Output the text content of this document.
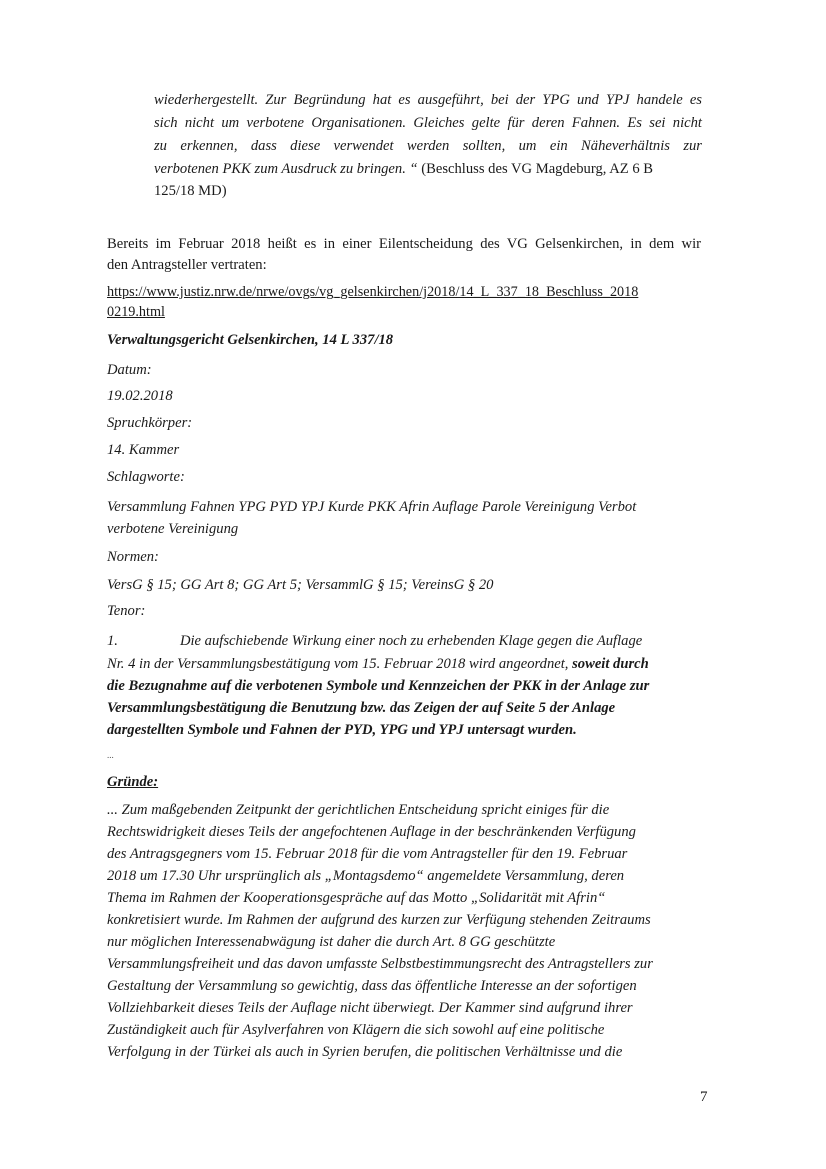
wiederhergestellt. Zur Begründung hat es ausgeführt, bei der YPG und YPJ handele es
sich nicht um verbotene Organisationen. Gleiches gelte für deren Fahnen. Es sei nicht
zu erkennen, dass diese verwendet werden sollten, um ein Näheverhältnis zur
verbotenen PKK zum Ausdruck zu bringen. “ (Beschluss des VG Magdeburg, AZ 6 B
125/18 MD)
Bereits im Februar 2018 heißt es in einer Eilentscheidung des VG Gelsenkirchen, in dem wir
den Antragsteller vertraten:
https://www.justiz.nrw.de/nrwe/ovgs/vg_gelsenkirchen/j2018/14_L_337_18_Beschluss_2018
0219.html
Verwaltungsgericht Gelsenkirchen, 14 L 337/18
Datum:
19.02.2018
Spruchkörper:
14. Kammer
Schlagworte:
Versammlung Fahnen YPG PYD YPJ Kurde PKK Afrin Auflage Parole Vereinigung Verbot
verbotene Vereinigung
Normen:
VersG § 15; GG Art 8; GG Art 5; VersammlG § 15; VereinsG § 20
Tenor:
1.	Die aufschiebende Wirkung einer noch zu erhebenden Klage gegen die Auflage
Nr. 4 in der Versammlungsbestätigung vom 15. Februar 2018 wird angeordnet, soweit durch
die Bezugnahme auf die verbotenen Symbole und Kennzeichen der PKK in der Anlage zur
Versammlungsbestätigung die Benutzung bzw. das Zeigen der auf Seite 5 der Anlage
dargestellten Symbole und Fahnen der PYD, YPG und YPJ untersagt wurden.
...
Gründe:
... Zum maßgebenden Zeitpunkt der gerichtlichen Entscheidung spricht einiges für die
Rechtswidrigkeit dieses Teils der angefochtenen Auflage in der beschränkenden Verfügung
des Antragsgegners vom 15. Februar 2018 für die vom Antragsteller für den 19. Februar
2018 um 17.30 Uhr ursprünglich als „Montagsdemo“ angemeldete Versammlung, deren
Thema im Rahmen der Kooperationsgespräche auf das Motto „Solidarität mit Afrin“
konkretisiert wurde. Im Rahmen der aufgrund des kurzen zur Verfügung stehenden Zeitraums
nur möglichen Interessenabwägung ist daher die durch Art. 8 GG geschützte
Versammlungsfreiheit und das davon umfasste Selbstbestimmungsrecht des Antragstellers zur
Gestaltung der Versammlung so gewichtig, dass das öffentliche Interesse an der sofortigen
Vollziehbarkeit dieses Teils der Auflage nicht überwiegt. Der Kammer sind aufgrund ihrer
Zuständigkeit auch für Asylverfahren von Klägern die sich sowohl auf eine politische
Verfolgung in der Türkei als auch in Syrien berufen, die politischen Verhältnisse und die
7
